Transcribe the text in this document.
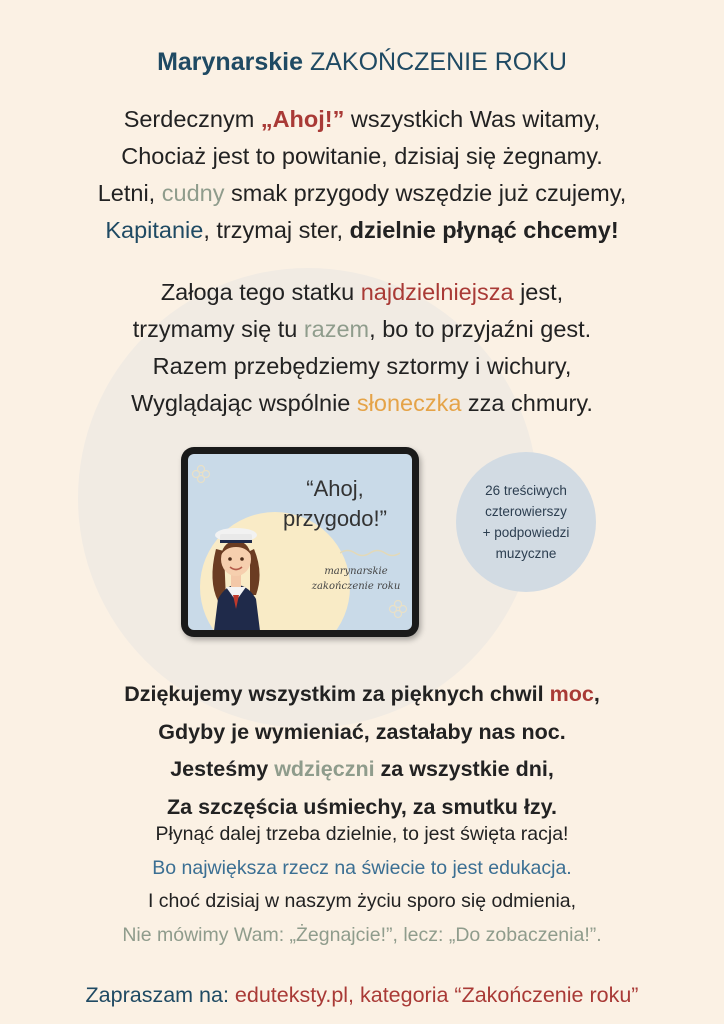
Marynarskie ZAKOŃCZENIE ROKU
Serdecznym „Ahoj!” wszystkich Was witamy,
Chociaż jest to powitanie, dzisiaj się żegnamy.
Letni, cudny smak przygody wszędzie już czujemy,
Kapitanie, trzymaj ster, dzielnie płynąć chcemy!
Załoga tego statku najdzielniejsza jest,
trzymamy się tu razem, bo to przyjaźni gest.
Razem przebędziemy sztormy i wichury,
Wyglądając wspólnie słoneczka zza chmury.
“Ahoj,
przygodo!”
marynarskie
zakończenie roku
26 treściwych
czterowierszy
+ podpowiedzi
muzyczne
Dziękujemy wszystkim za pięknych chwil moc,
Gdyby je wymieniać, zastałaby nas noc.
Jesteśmy wdzięczni za wszystkie dni,
Za szczęścia uśmiechy, za smutku łzy.
Płynąć dalej trzeba dzielnie, to jest święta racja!
Bo największa rzecz na świecie to jest edukacja.
I choć dzisiaj w naszym życiu sporo się odmienia,
Nie mówimy Wam: „Żegnajcie!”, lecz: „Do zobaczenia!”.
Zapraszam na: eduteksty.pl, kategoria “Zakończenie roku”
